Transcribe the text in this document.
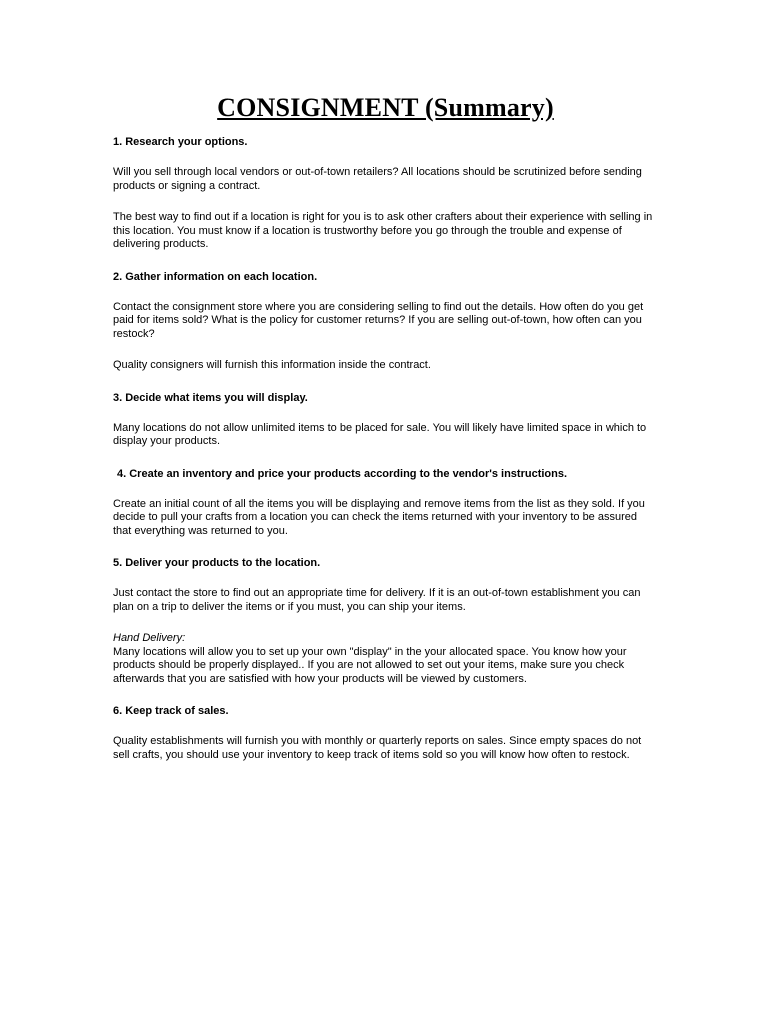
CONSIGNMENT (Summary)

1. Research your options.

Will you sell through local vendors or out-of-town retailers? All locations should be scrutinized before sending products or signing a contract.

The best way to find out if a location is right for you is to ask other crafters about their experience with selling in this location. You must know if a location is trustworthy before you go through the trouble and expense of delivering products.

2. Gather information on each location.

Contact the consignment store where you are considering selling to find out the details. How often do you get paid for items sold? What is the policy for customer returns? If you are selling out-of-town, how often can you restock?

Quality consigners will furnish this information inside the contract.

3. Decide what items you will display.

Many locations do not allow unlimited items to be placed for sale. You will likely have limited space in which to display your products.

4. Create an inventory and price your products according to the vendor's instructions.

Create an initial count of all the items you will be displaying and remove items from the list as they sold. If you decide to pull your crafts from a location you can check the items returned with your inventory to be assured that everything was returned to you.

5. Deliver your products to the location.

Just contact the store to find out an appropriate time for delivery. If it is an out-of-town establishment you can plan on a trip to deliver the items or if you must, you can ship your items.

Hand Delivery:

Many locations will allow you to set up your own "display" in the your allocated space. You know how your products should be properly displayed.. If you are not allowed to set out your items, make sure you check afterwards that you are satisfied with how your products will be viewed by customers.

6. Keep track of sales.

Quality establishments will furnish you with monthly or quarterly reports on sales. Since empty spaces do not sell crafts, you should use your inventory to keep track of items sold so you will know how often to restock.
